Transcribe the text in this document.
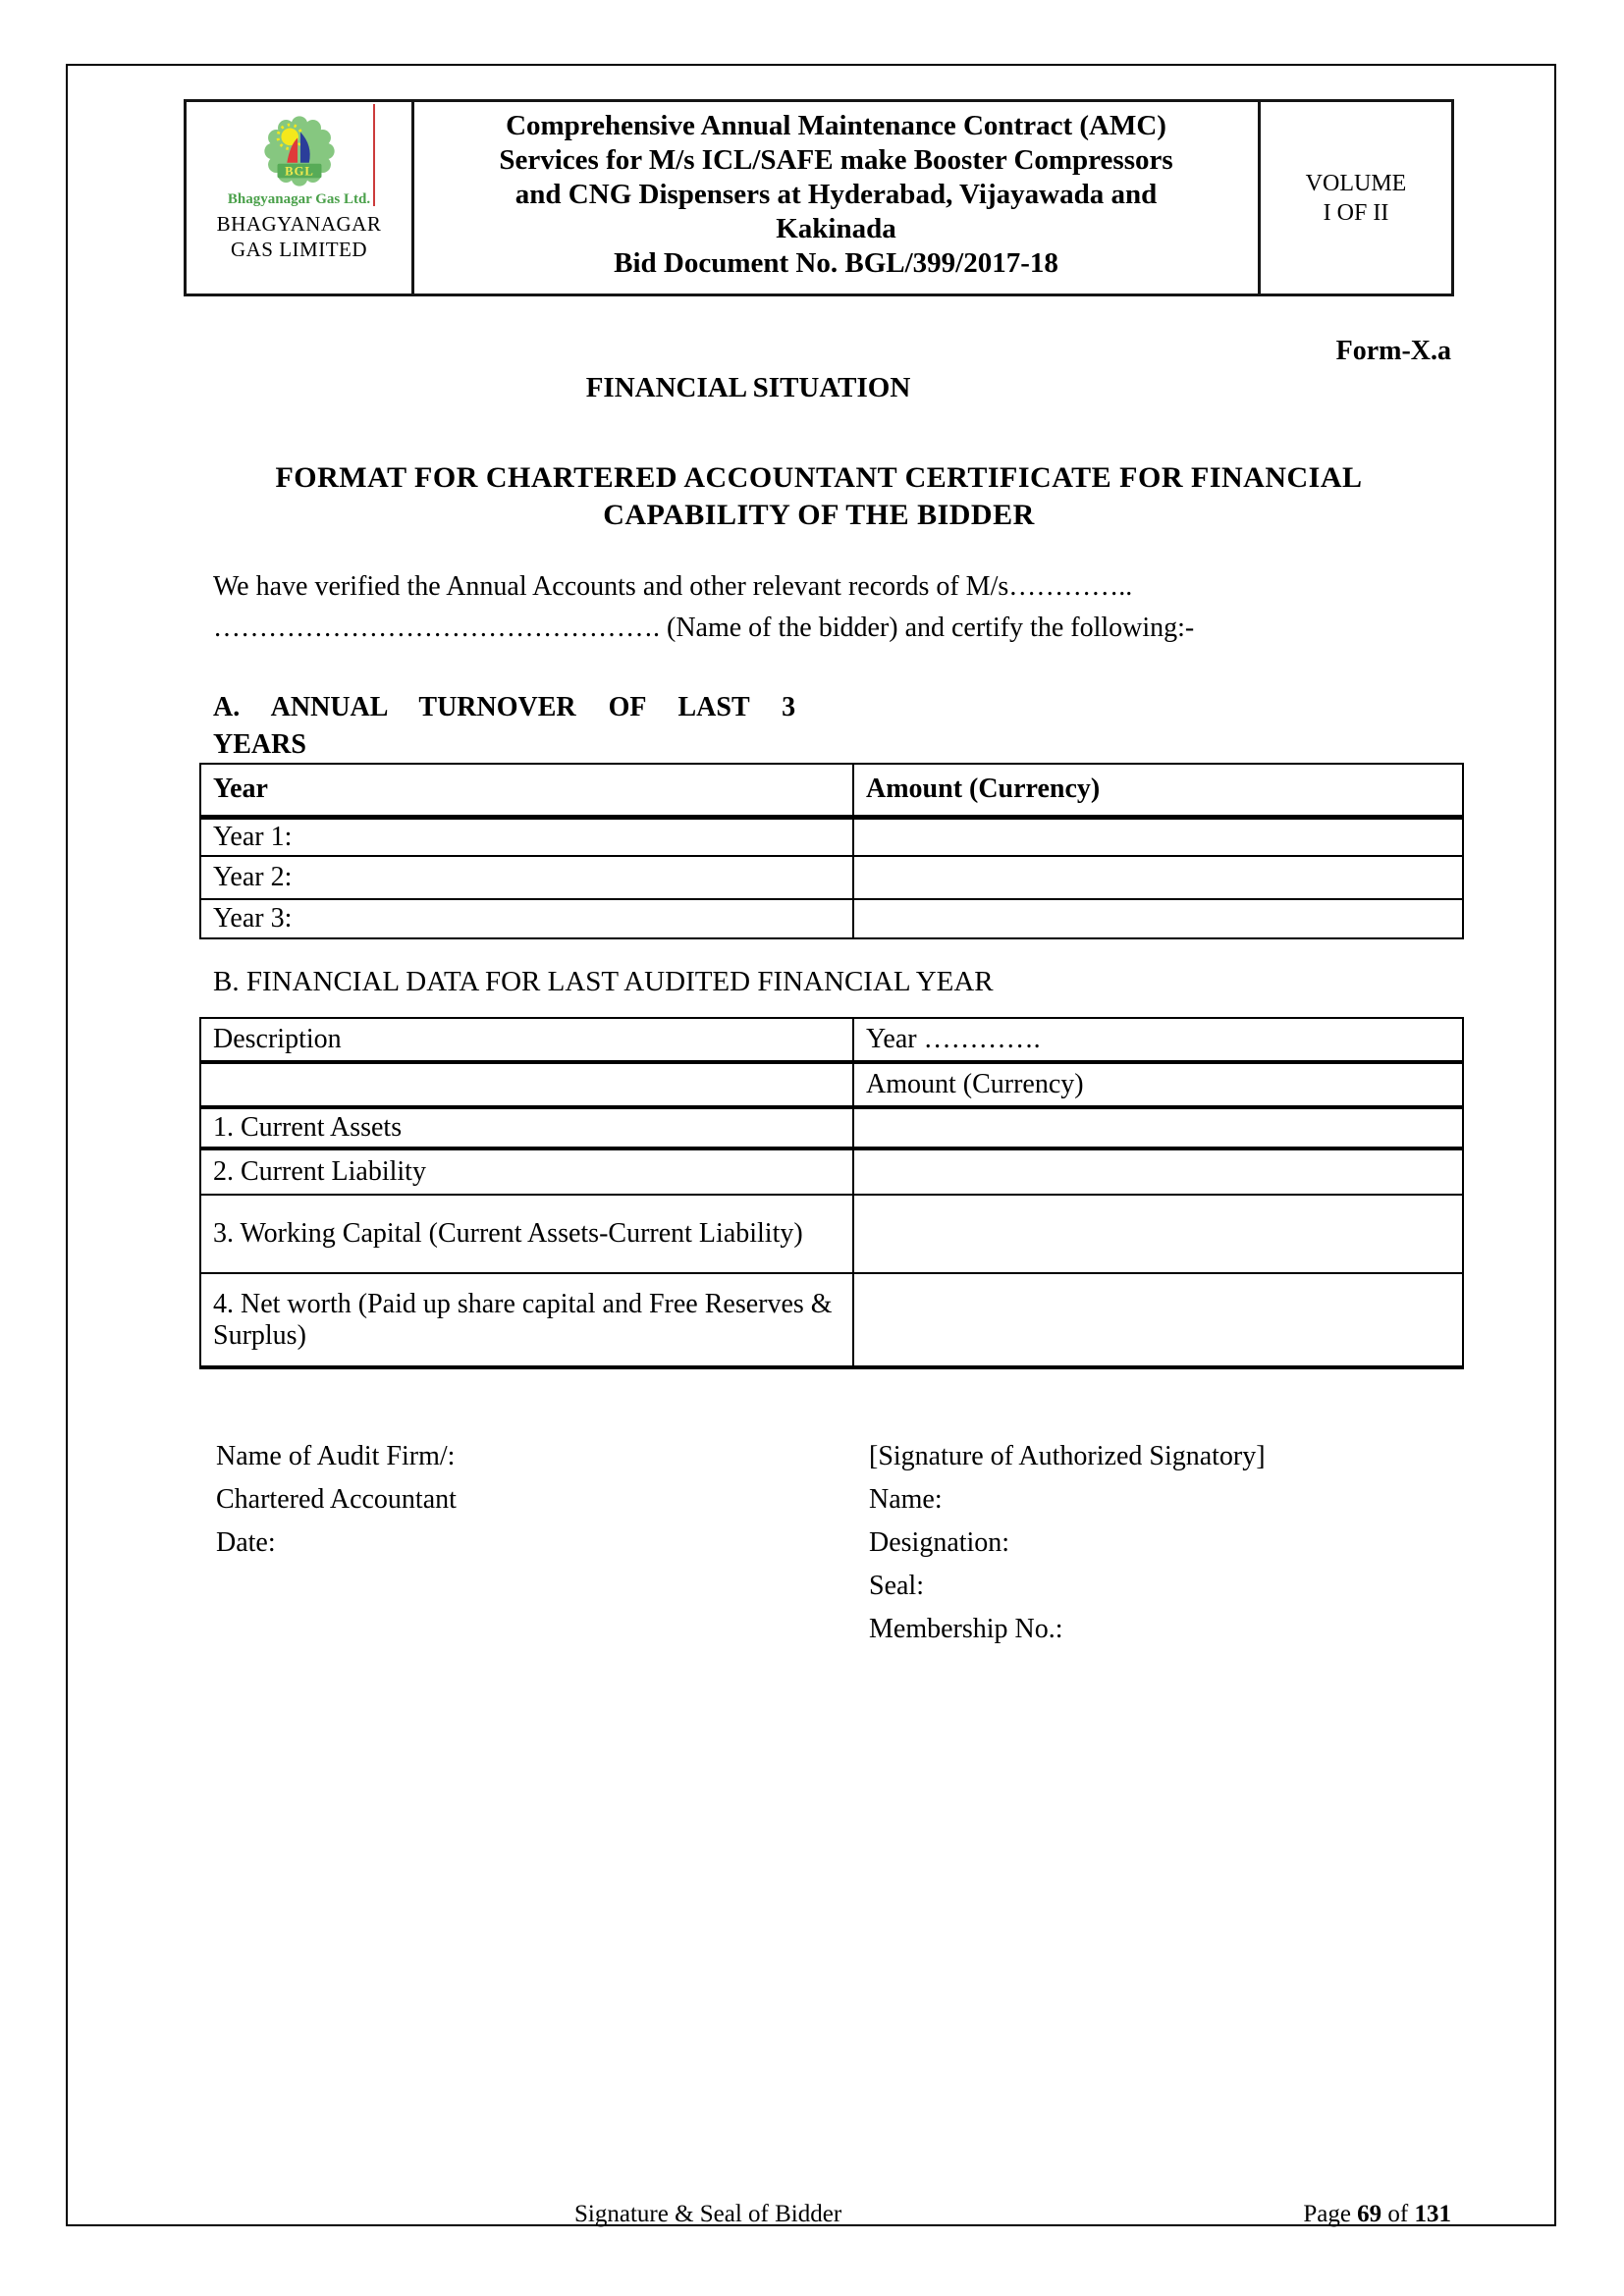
BGL
Bhagyanagar Gas Ltd.
BHAGYANAGAR
GAS LIMITED
Comprehensive Annual Maintenance Contract (AMC)
Services for M/s ICL/SAFE make Booster Compressors
and CNG Dispensers at Hyderabad, Vijayawada and
Kakinada
Bid Document No. BGL/399/2017-18
VOLUME
I OF II
Form-X.a
FINANCIAL SITUATION
FORMAT FOR CHARTERED ACCOUNTANT CERTIFICATE FOR FINANCIAL
CAPABILITY OF THE BIDDER
We have verified the Annual Accounts and other relevant records of M/s…………..
…………………………………………. (Name of the bidder) and certify the following:-
A. ANNUAL TURNOVER OF LAST 3
YEARS
Year	Amount (Currency)
Year 1:	
Year 2:	
Year 3:	
B. FINANCIAL DATA FOR LAST AUDITED FINANCIAL YEAR
Description	Year ………….
	Amount (Currency)
1. Current Assets	
2. Current Liability	
3. Working Capital (Current Assets-Current Liability)	
4. Net worth (Paid up share capital and Free Reserves & Surplus)	
Name of Audit Firm/:
Chartered Accountant
Date:
[Signature of Authorized Signatory]
Name:
Designation:
Seal:
Membership No.:
Signature & Seal of Bidder	Page 69 of 131
